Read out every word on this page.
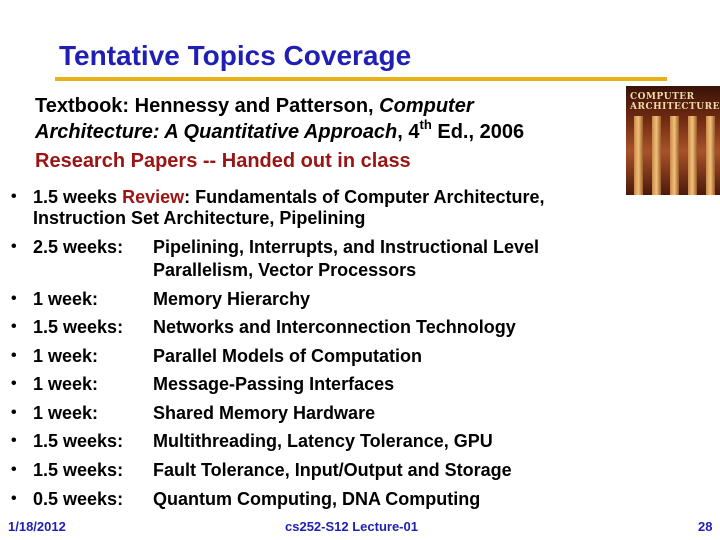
Tentative Topics Coverage
Textbook: Hennessy and Patterson, Computer
Architecture: A Quantitative Approach, 4th Ed., 2006
Research Papers -- Handed out in class
COMPUTER ARCHITECTURE
• 1.5 weeks Review: Fundamentals of Computer Architecture,
Instruction Set Architecture, Pipelining
• 2.5 weeks: Pipelining, Interrupts, and Instructional Level
Parallelism, Vector Processors
• 1 week:	Memory Hierarchy
• 1.5 weeks: Networks and Interconnection Technology
• 1 week:	Parallel Models of Computation
• 1 week:	Message-Passing Interfaces
• 1 week:	Shared Memory Hardware
• 1.5 weeks: Multithreading, Latency Tolerance, GPU
• 1.5 weeks: Fault Tolerance, Input/Output and Storage
• 0.5 weeks: Quantum Computing, DNA Computing
1/18/2012	cs252-S12 Lecture-01	28
